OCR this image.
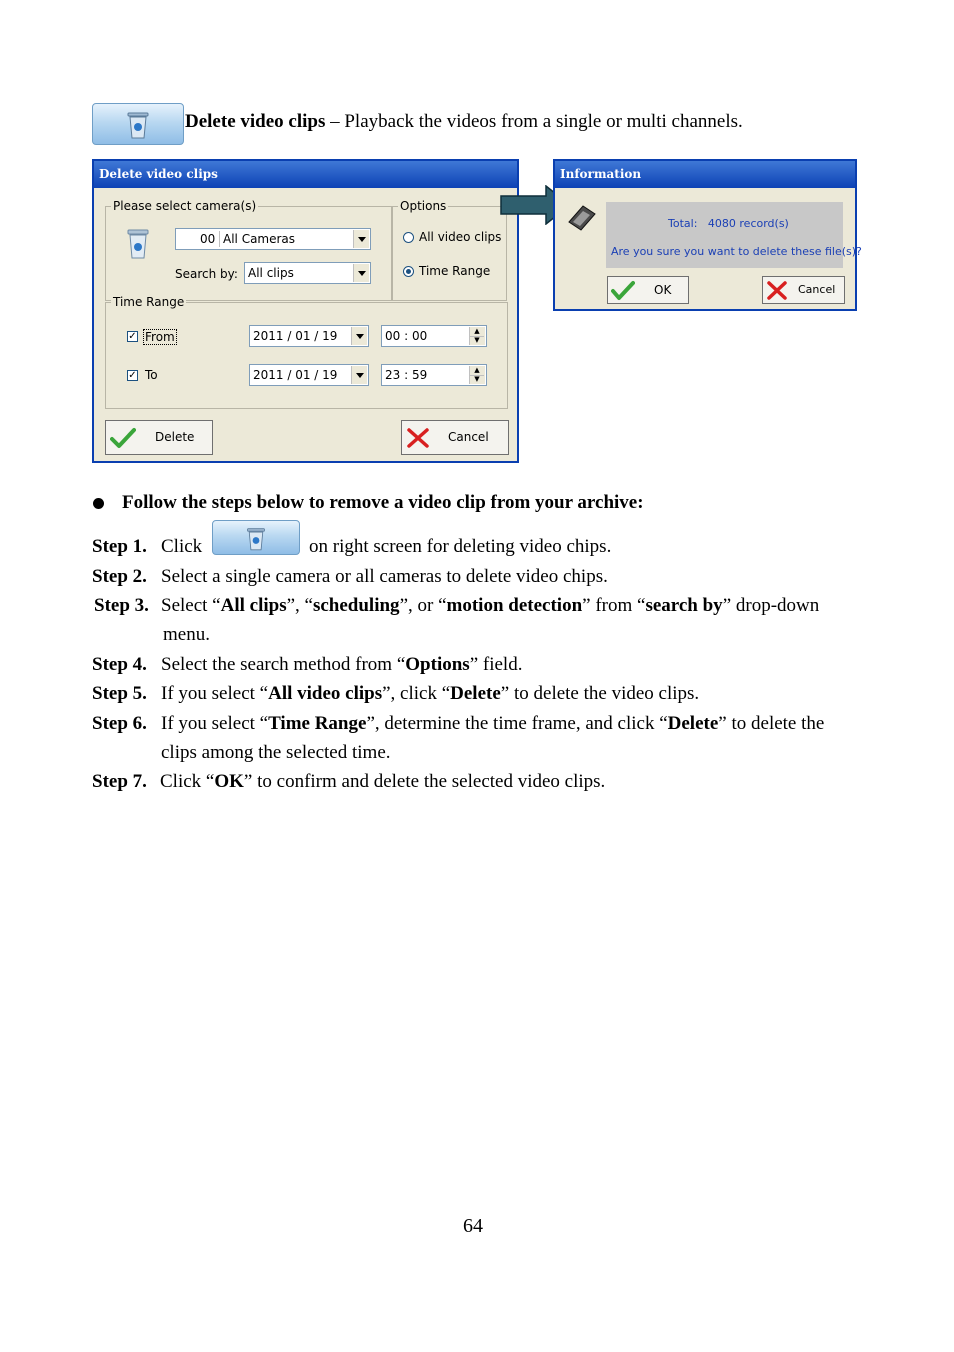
Delete video clips – Playback the videos from a single or multi channels.
Delete video clips
Please select camera(s)
00 All Cameras
Search by: All clips
Options
All video clips
Time Range
Time Range
✓ From	2011 / 01 / 19	00 : 00	▲
▼
✓ To	2011 / 01 / 19	23 : 59	▲
▼
Delete	Cancel
Information
Total: 4080 record(s)
Are you sure you want to delete these file(s)?
OK	Cancel
Follow the steps below to remove a video clip from your archive:
Step 1. Click	on right screen for deleting video chips.
Step 2. Select a single camera or all cameras to delete video chips.
Step 3. Select “All clips”, “scheduling”, or “motion detection” from “search by” drop-down
menu.
Step 4. Select the search method from “Options” field.
Step 5. If you select “All video clips”, click “Delete” to delete the video clips.
Step 6. If you select “Time Range”, determine the time frame, and click “Delete” to delete the
clips among the selected time.
Step 7. Click “OK” to confirm and delete the selected video clips.
64
